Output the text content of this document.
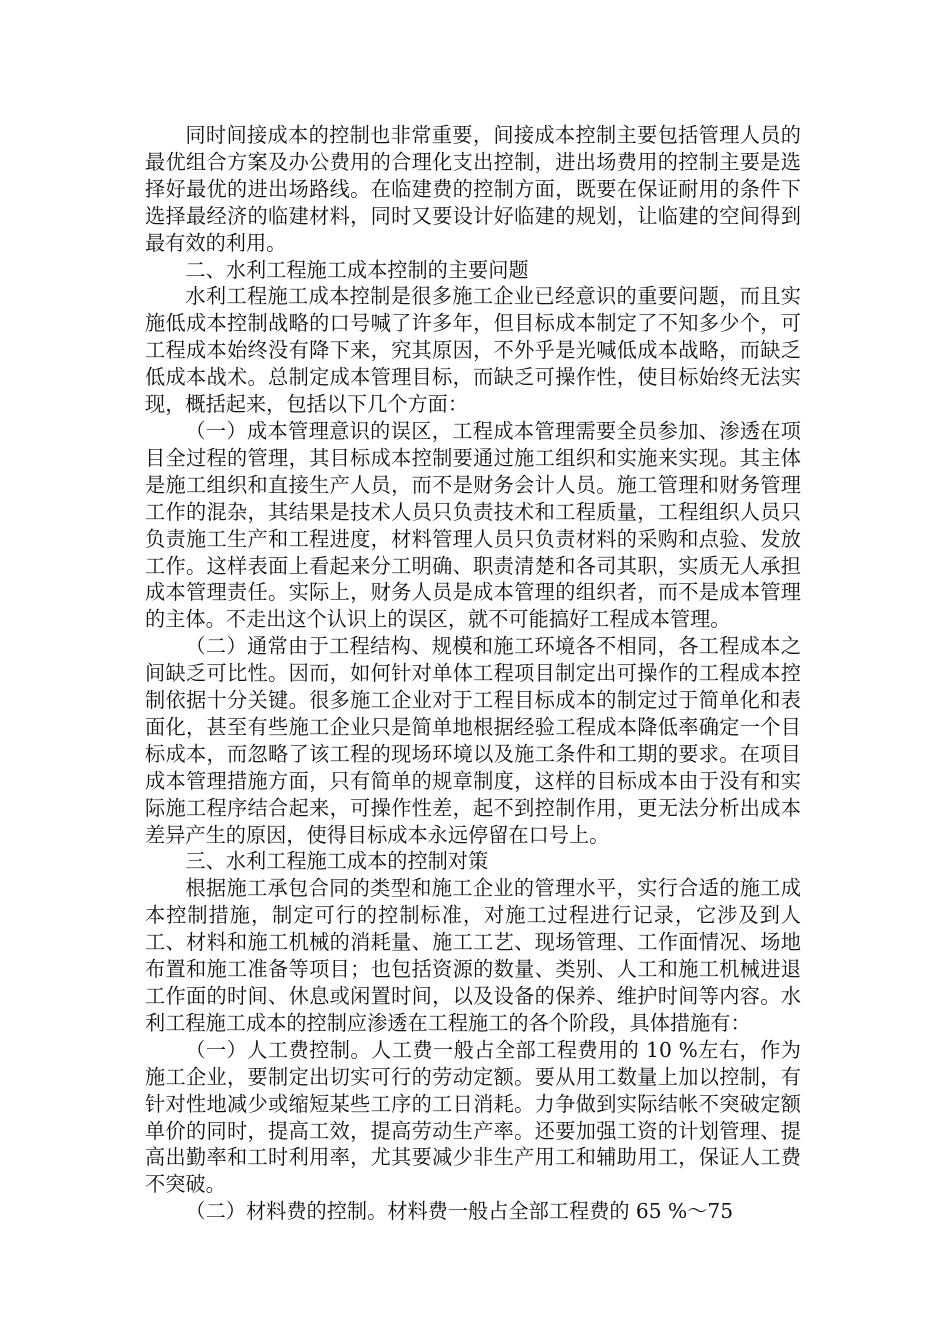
同时间接成本的控制也非常重要，间接成本控制主要包括管理人员的最优组合方案及办公费用的合理化支出控制，进出场费用的控制主要是选择好最优的进出场路线。在临建费的控制方面，既要在保证耐用的条件下选择最经济的临建材料，同时又要设计好临建的规划，让临建的空间得到最有效的利用。

二、水利工程施工成本控制的主要问题

水利工程施工成本控制是很多施工企业已经意识的重要问题，而且实施低成本控制战略的口号喊了许多年，但目标成本制定了不知多少个，可工程成本始终没有降下来，究其原因，不外乎是光喊低成本战略，而缺乏低成本战术。总制定成本管理目标，而缺乏可操作性，使目标始终无法实现，概括起来，包括以下几个方面：

（一）成本管理意识的误区，工程成本管理需要全员参加、渗透在项目全过程的管理，其目标成本控制要通过施工组织和实施来实现。其主体是施工组织和直接生产人员，而不是财务会计人员。施工管理和财务管理工作的混杂，其结果是技术人员只负责技术和工程质量，工程组织人员只负责施工生产和工程进度，材料管理人员只负责材料的采购和点验、发放工作。这样表面上看起来分工明确、职责清楚和各司其职，实质无人承担成本管理责任。实际上，财务人员是成本管理的组织者，而不是成本管理的主体。不走出这个认识上的误区，就不可能搞好工程成本管理。

（二）通常由于工程结构、规模和施工环境各不相同，各工程成本之间缺乏可比性。因而，如何针对单体工程项目制定出可操作的工程成本控制依据十分关键。很多施工企业对于工程目标成本的制定过于简单化和表面化，甚至有些施工企业只是简单地根据经验工程成本降低率确定一个目标成本，而忽略了该工程的现场环境以及施工条件和工期的要求。在项目成本管理措施方面，只有简单的规章制度，这样的目标成本由于没有和实际施工程序结合起来，可操作性差，起不到控制作用，更无法分析出成本差异产生的原因，使得目标成本永远停留在口号上。

三、水利工程施工成本的控制对策

根据施工承包合同的类型和施工企业的管理水平，实行合适的施工成本控制措施，制定可行的控制标准，对施工过程进行记录，它涉及到人工、材料和施工机械的消耗量、施工工艺、现场管理、工作面情况、场地布置和施工准备等项目；也包括资源的数量、类别、人工和施工机械进退工作面的时间、休息或闲置时间，以及设备的保养、维护时间等内容。水利工程施工成本的控制应渗透在工程施工的各个阶段，具体措施有：

（一）人工费控制。人工费一般占全部工程费用的 10 %左右，作为施工企业，要制定出切实可行的劳动定额。要从用工数量上加以控制，有针对性地减少或缩短某些工序的工日消耗。力争做到实际结帐不突破定额单价的同时，提高工效，提高劳动生产率。还要加强工资的计划管理、提高出勤率和工时利用率，尤其要减少非生产用工和辅助用工，保证人工费不突破。

（二）材料费的控制。材料费一般占全部工程费的 65 %～75
